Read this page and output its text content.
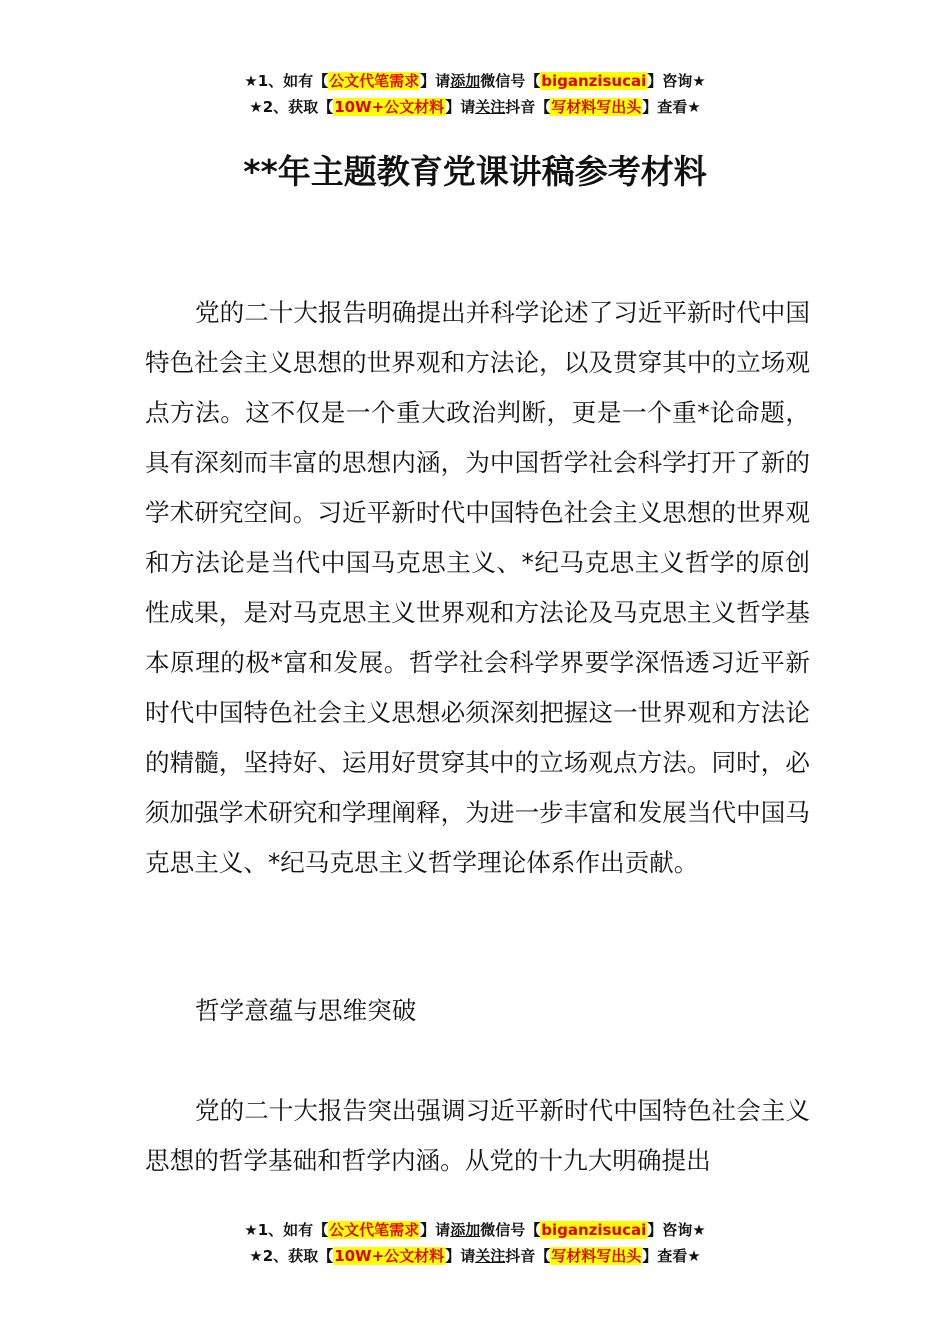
★1、如有【公文代笔需求】请添加微信号【biganzisucai】咨询★
★2、获取【10W+公文材料】请关注抖音【写材料写出头】查看★
**年主题教育党课讲稿参考材料

党的二十大报告明确提出并科学论述了习近平新时代中国特色社会主义思想的世界观和方法论，以及贯穿其中的立场观点方法。这不仅是一个重大政治判断，更是一个重*论命题，具有深刻而丰富的思想内涵，为中国哲学社会科学打开了新的学术研究空间。习近平新时代中国特色社会主义思想的世界观和方法论是当代中国马克思主义、*纪马克思主义哲学的原创性成果，是对马克思主义世界观和方法论及马克思主义哲学基本原理的极*富和发展。哲学社会科学界要学深悟透习近平新时代中国特色社会主义思想必须深刻把握这一世界观和方法论的精髓，坚持好、运用好贯穿其中的立场观点方法。同时，必须加强学术研究和学理阐释，为进一步丰富和发展当代中国马克思主义、*纪马克思主义哲学理论体系作出贡献。

哲学意蕴与思维突破

党的二十大报告突出强调习近平新时代中国特色社会主义思想的哲学基础和哲学内涵。从党的十九大明确提出

★1、如有【公文代笔需求】请添加微信号【biganzisucai】咨询★
★2、获取【10W+公文材料】请关注抖音【写材料写出头】查看★
